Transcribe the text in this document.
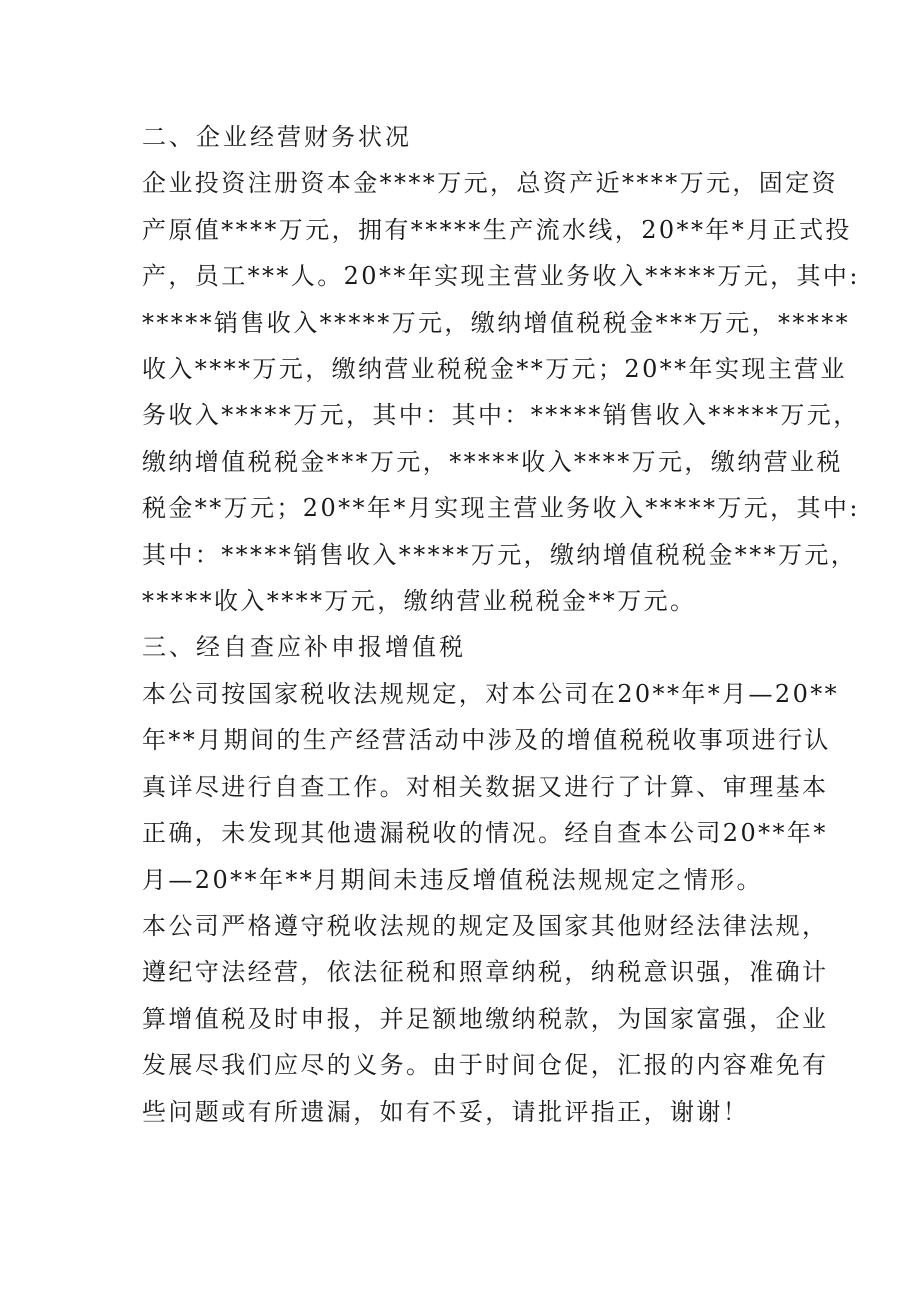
二、企业经营财务状况

企业投资注册资本金****万元，总资产近****万元，固定资
产原值****万元，拥有*****生产流水线，20**年*月正式投
产，员工***人。20**年实现主营业务收入*****万元，其中:
*****销售收入*****万元，缴纳增值税税金***万元，*****
收入****万元，缴纳营业税税金**万元；20**年实现主营业
务收入*****万元，其中：其中：*****销售收入*****万元，
缴纳增值税税金***万元，*****收入****万元，缴纳营业税
税金**万元；20**年*月实现主营业务收入*****万元，其中:
其中：*****销售收入*****万元，缴纳增值税税金***万元，
*****收入****万元，缴纳营业税税金**万元。

三、经自查应补申报增值税

本公司按国家税收法规规定，对本公司在20**年*月—20**
年**月期间的生产经营活动中涉及的增值税税收事项进行认
真详尽进行自查工作。对相关数据又进行了计算、审理基本
正确，未发现其他遗漏税收的情况。经自查本公司20**年*
月—20**年**月期间未违反增值税法规规定之情形。

本公司严格遵守税收法规的规定及国家其他财经法律法规，
遵纪守法经营，依法征税和照章纳税，纳税意识强，准确计
算增值税及时申报，并足额地缴纳税款，为国家富强，企业
发展尽我们应尽的义务。由于时间仓促，汇报的内容难免有
些问题或有所遗漏，如有不妥，请批评指正，谢谢！
